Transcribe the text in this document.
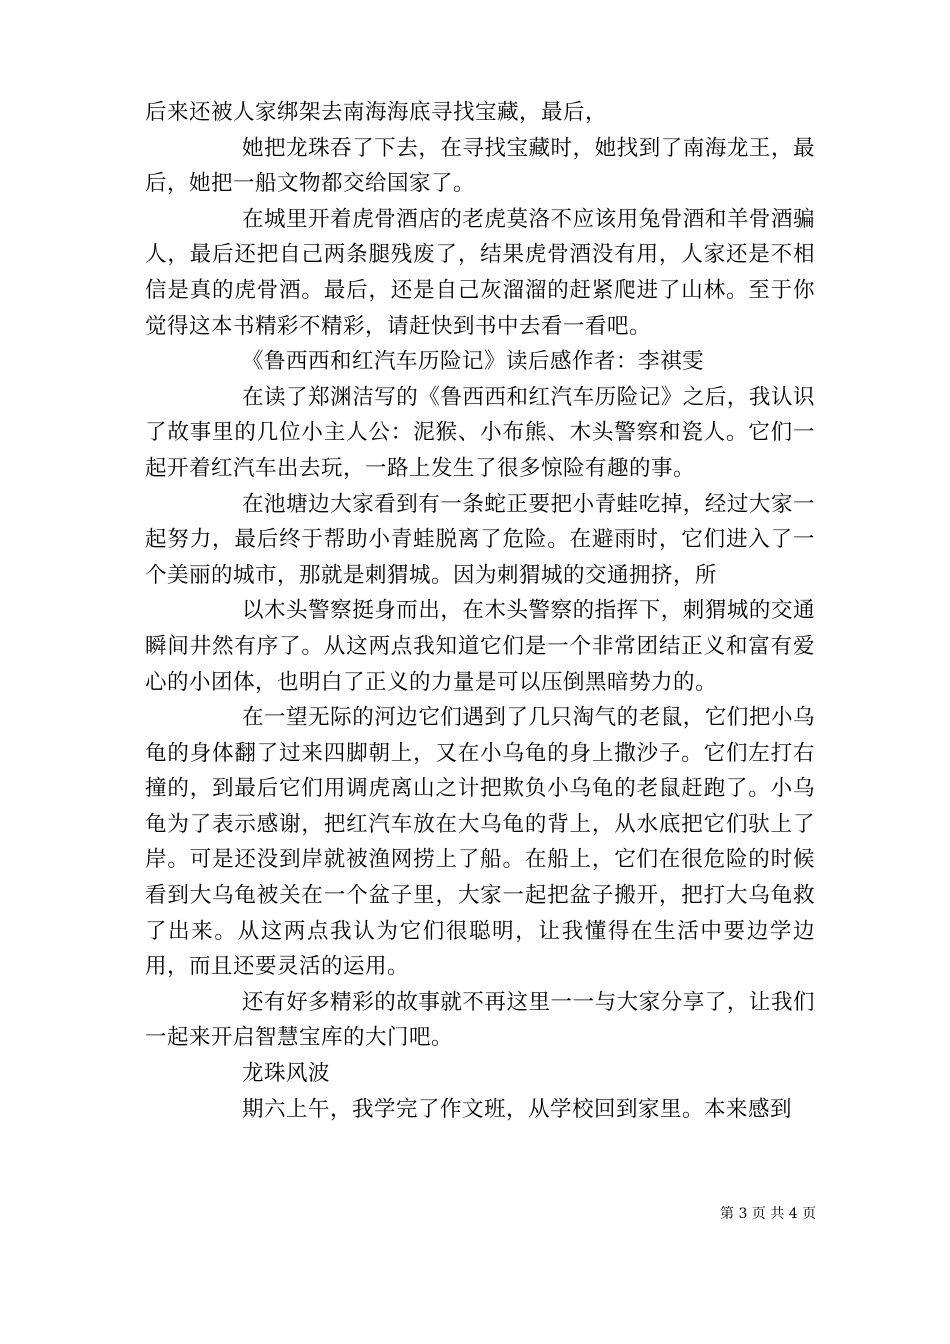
后来还被人家绑架去南海海底寻找宝藏，最后，

她把龙珠吞了下去，在寻找宝藏时，她找到了南海龙王，最后，她把一船文物都交给国家了。

在城里开着虎骨酒店的老虎莫洛不应该用兔骨酒和羊骨酒骗人，最后还把自己两条腿残废了，结果虎骨酒没有用，人家还是不相信是真的虎骨酒。最后，还是自己灰溜溜的赶紧爬进了山林。至于你觉得这本书精彩不精彩，请赶快到书中去看一看吧。

《鲁西西和红汽车历险记》读后感作者：李祺雯

在读了郑渊洁写的《鲁西西和红汽车历险记》之后，我认识了故事里的几位小主人公：泥猴、小布熊、木头警察和瓷人。它们一起开着红汽车出去玩，一路上发生了很多惊险有趣的事。

在池塘边大家看到有一条蛇正要把小青蛙吃掉，经过大家一起努力，最后终于帮助小青蛙脱离了危险。在避雨时，它们进入了一个美丽的城市，那就是刺猬城。因为刺猬城的交通拥挤，所

以木头警察挺身而出，在木头警察的指挥下，刺猬城的交通瞬间井然有序了。从这两点我知道它们是一个非常团结正义和富有爱心的小团体，也明白了正义的力量是可以压倒黑暗势力的。

在一望无际的河边它们遇到了几只淘气的老鼠，它们把小乌龟的身体翻了过来四脚朝上，又在小乌龟的身上撒沙子。它们左打右撞的，到最后它们用调虎离山之计把欺负小乌龟的老鼠赶跑了。小乌龟为了表示感谢，把红汽车放在大乌龟的背上，从水底把它们驮上了岸。可是还没到岸就被渔网捞上了船。在船上，它们在很危险的时候看到大乌龟被关在一个盆子里，大家一起把盆子搬开，把打大乌龟救了出来。从这两点我认为它们很聪明，让我懂得在生活中要边学边用，而且还要灵活的运用。

还有好多精彩的故事就不再这里一一与大家分享了，让我们一起来开启智慧宝库的大门吧。

龙珠风波

期六上午，我学完了作文班，从学校回到家里。本来感到

第 3 页 共 4 页
